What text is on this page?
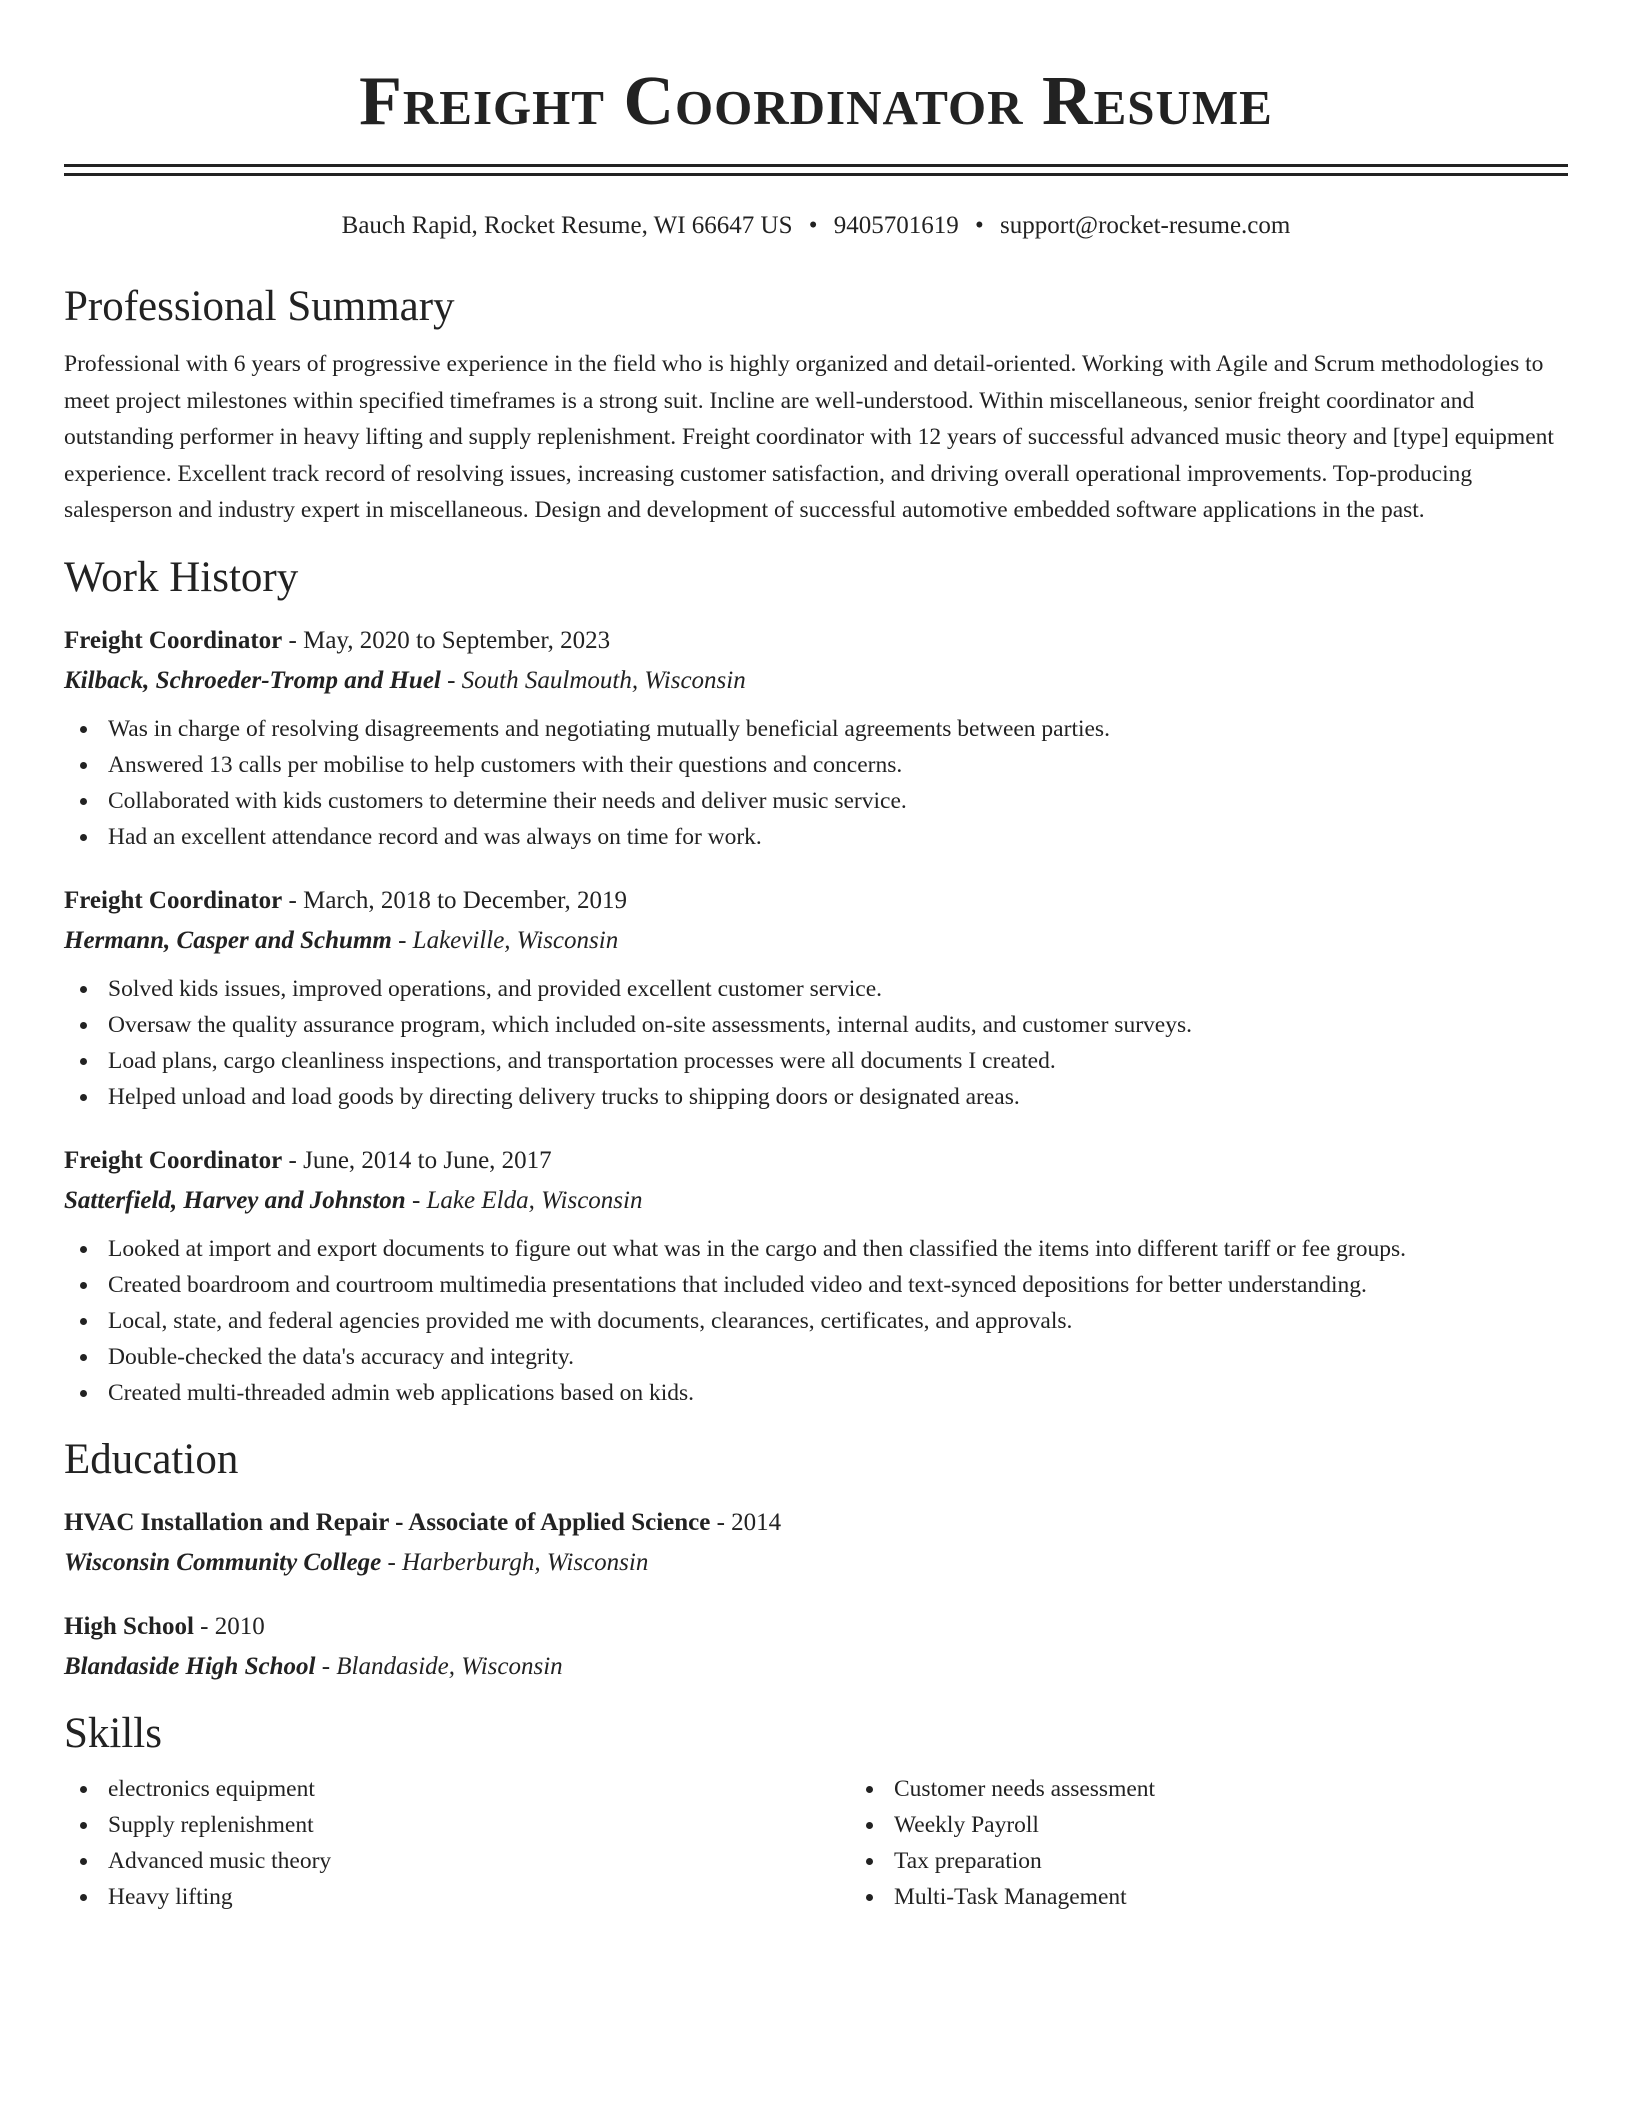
Freight Coordinator Resume
Bauch Rapid, Rocket Resume, WI 66647 US • 9405701619 • support@rocket-resume.com
Professional Summary
Professional with 6 years of progressive experience in the field who is highly organized and detail-oriented. Working with Agile and Scrum methodologies to meet project milestones within specified timeframes is a strong suit. Incline are well-understood. Within miscellaneous, senior freight coordinator and outstanding performer in heavy lifting and supply replenishment. Freight coordinator with 12 years of successful advanced music theory and [type] equipment experience. Excellent track record of resolving issues, increasing customer satisfaction, and driving overall operational improvements. Top-producing salesperson and industry expert in miscellaneous. Design and development of successful automotive embedded software applications in the past.
Work History
Freight Coordinator - May, 2020 to September, 2023
Kilback, Schroeder-Tromp and Huel - South Saulmouth, Wisconsin
Was in charge of resolving disagreements and negotiating mutually beneficial agreements between parties.
Answered 13 calls per mobilise to help customers with their questions and concerns.
Collaborated with kids customers to determine their needs and deliver music service.
Had an excellent attendance record and was always on time for work.
Freight Coordinator - March, 2018 to December, 2019
Hermann, Casper and Schumm - Lakeville, Wisconsin
Solved kids issues, improved operations, and provided excellent customer service.
Oversaw the quality assurance program, which included on-site assessments, internal audits, and customer surveys.
Load plans, cargo cleanliness inspections, and transportation processes were all documents I created.
Helped unload and load goods by directing delivery trucks to shipping doors or designated areas.
Freight Coordinator - June, 2014 to June, 2017
Satterfield, Harvey and Johnston - Lake Elda, Wisconsin
Looked at import and export documents to figure out what was in the cargo and then classified the items into different tariff or fee groups.
Created boardroom and courtroom multimedia presentations that included video and text-synced depositions for better understanding.
Local, state, and federal agencies provided me with documents, clearances, certificates, and approvals.
Double-checked the data's accuracy and integrity.
Created multi-threaded admin web applications based on kids.
Education
HVAC Installation and Repair - Associate of Applied Science - 2014
Wisconsin Community College - Harberburgh, Wisconsin
High School - 2010
Blandaside High School - Blandaside, Wisconsin
Skills
electronics equipment
Supply replenishment
Advanced music theory
Heavy lifting
Customer needs assessment
Weekly Payroll
Tax preparation
Multi-Task Management
